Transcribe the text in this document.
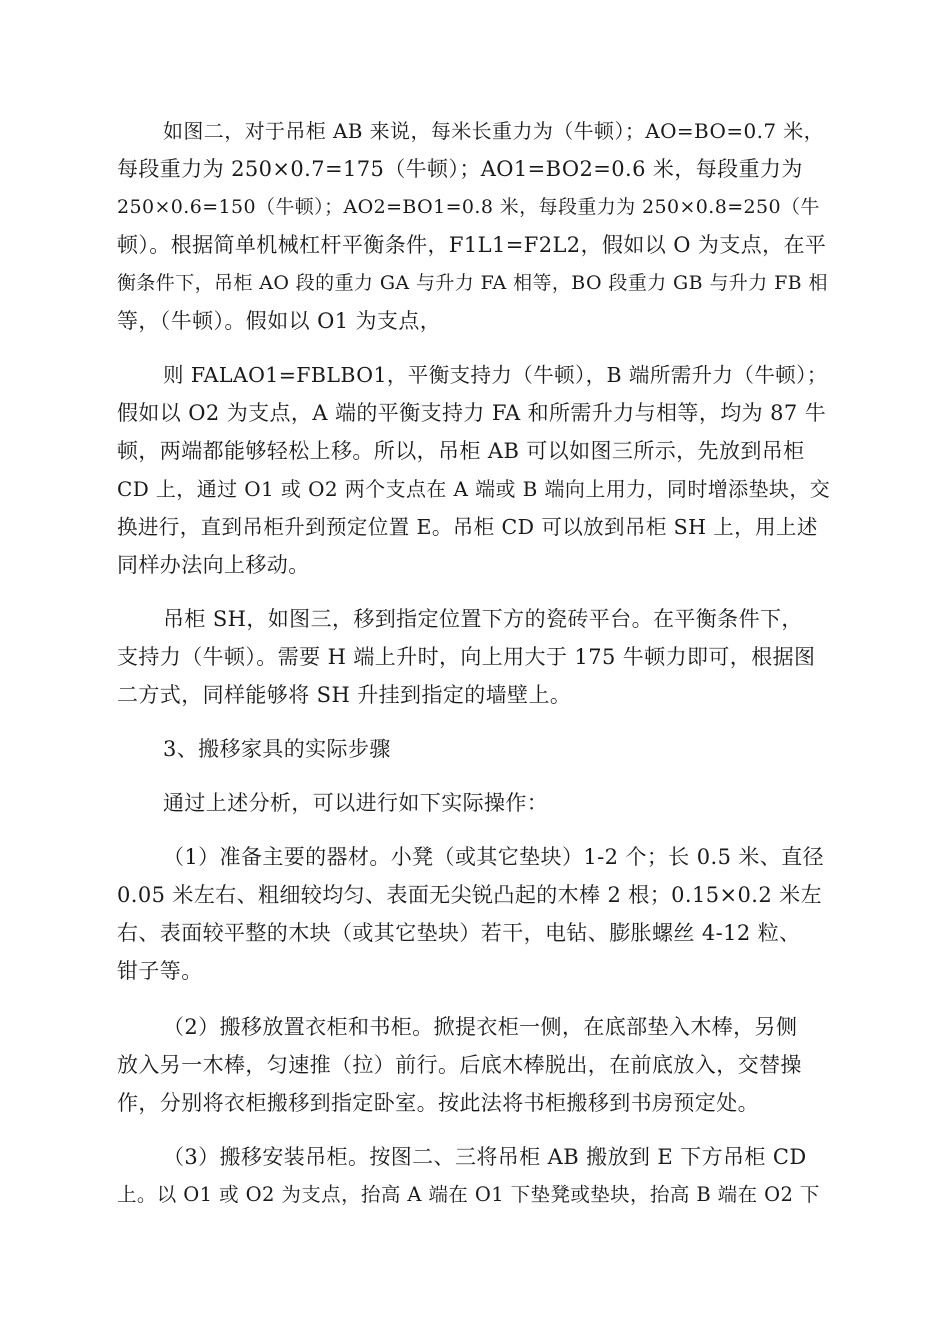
如图二，对于吊柜 AB 来说，每米长重力为（牛顿）；AO=BO=0.7 米，
每段重力为 250×0.7=175（牛顿）；AO1=BO2=0.6 米，每段重力为
250×0.6=150（牛顿）；AO2=BO1=0.8 米，每段重力为 250×0.8=250（牛
顿）。根据简单机械杠杆平衡条件，F1L1=F2L2，假如以 O 为支点，在平
衡条件下，吊柜 AO 段的重力 GA 与升力 FA 相等，BO 段重力 GB 与升力 FB 相
等，（牛顿）。假如以 O1 为支点，
则 FALAO1=FBLBO1，平衡支持力（牛顿），B 端所需升力（牛顿）；
假如以 O2 为支点，A 端的平衡支持力 FA 和所需升力与相等，均为 87 牛
顿，两端都能够轻松上移。所以，吊柜 AB 可以如图三所示，先放到吊柜
CD 上，通过 O1 或 O2 两个支点在 A 端或 B 端向上用力，同时增添垫块，交
换进行，直到吊柜升到预定位置 E。吊柜 CD 可以放到吊柜 SH 上，用上述
同样办法向上移动。
吊柜 SH，如图三，移到指定位置下方的瓷砖平台。在平衡条件下，
支持力（牛顿）。需要 H 端上升时，向上用大于 175 牛顿力即可，根据图
二方式，同样能够将 SH 升挂到指定的墙壁上。
3、搬移家具的实际步骤
通过上述分析，可以进行如下实际操作：
（1）准备主要的器材。小凳（或其它垫块）1-2 个；长 0.5 米、直径
0.05 米左右、粗细较均匀、表面无尖锐凸起的木棒 2 根；0.15×0.2 米左
右、表面较平整的木块（或其它垫块）若干，电钻、膨胀螺丝 4-12 粒、
钳子等。
（2）搬移放置衣柜和书柜。掀提衣柜一侧，在底部垫入木棒，另侧
放入另一木棒，匀速推（拉）前行。后底木棒脱出，在前底放入，交替操
作，分别将衣柜搬移到指定卧室。按此法将书柜搬移到书房预定处。
（3）搬移安装吊柜。按图二、三将吊柜 AB 搬放到 E 下方吊柜 CD
上。以 O1 或 O2 为支点，抬高 A 端在 O1 下垫凳或垫块，抬高 B 端在 O2 下
